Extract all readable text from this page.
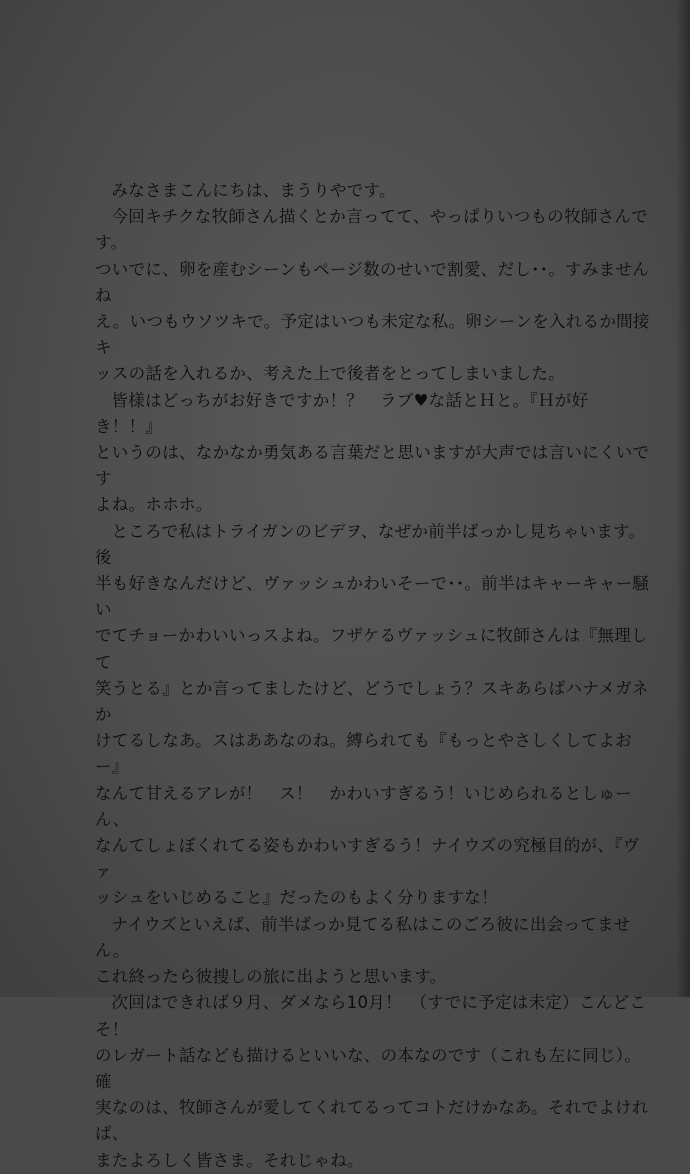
みなさまこんにちは、まうりやです。

今回キチクな牧師さん描くとか言ってて、やっぱりいつもの牧師さんです。
ついでに、卵を産むシーンもページ数のせいで割愛、だし･･。すみませんね
え。いつもウソツキで。予定はいつも未定な私。卵シーンを入れるか間接キ
ッスの話を入れるか、考えた上で後者をとってしまいました。

皆様はどっちがお好きですか！？　ラブ♥な話とＨと。『Ｈが好き！！』
というのは、なかなか勇気ある言葉だと思いますが大声では言いにくいです
よね。ホホホ。

ところで私はトライガンのビデヲ、なぜか前半ばっかし見ちゃいます。後
半も好きなんだけど、ヴァッシュかわいそーで･･。前半はキャーキャー騒い
でてチョーかわいいっスよね。フザケるヴァッシュに牧師さんは『無理して
笑うとる』とか言ってましたけど、どうでしょう？スキあらばハナメガネか
けてるしなあ。スはああなのね。縛られても『もっとやさしくしてよおー』
なんて甘えるアレが！　ス！　かわいすぎるう！いじめられるとしゅーん、
なんてしょぼくれてる姿もかわいすぎるう！ナイウズの究極目的が、『ヴァ
ッシュをいじめること』だったのもよく分りますな！

ナイウズといえば、前半ばっか見てる私はこのごろ彼に出会ってません。
これ終ったら彼捜しの旅に出ようと思います。

次回はできれば９月、ダメなら10月！　（すでに予定は未定）こんどこそ！
のレガート話なども描けるといいな、の本なのです（これも左に同じ）。確
実なのは、牧師さんが愛してくれてるってコトだけかなあ。それでよければ、
またよろしく皆さま。それじゃね。
